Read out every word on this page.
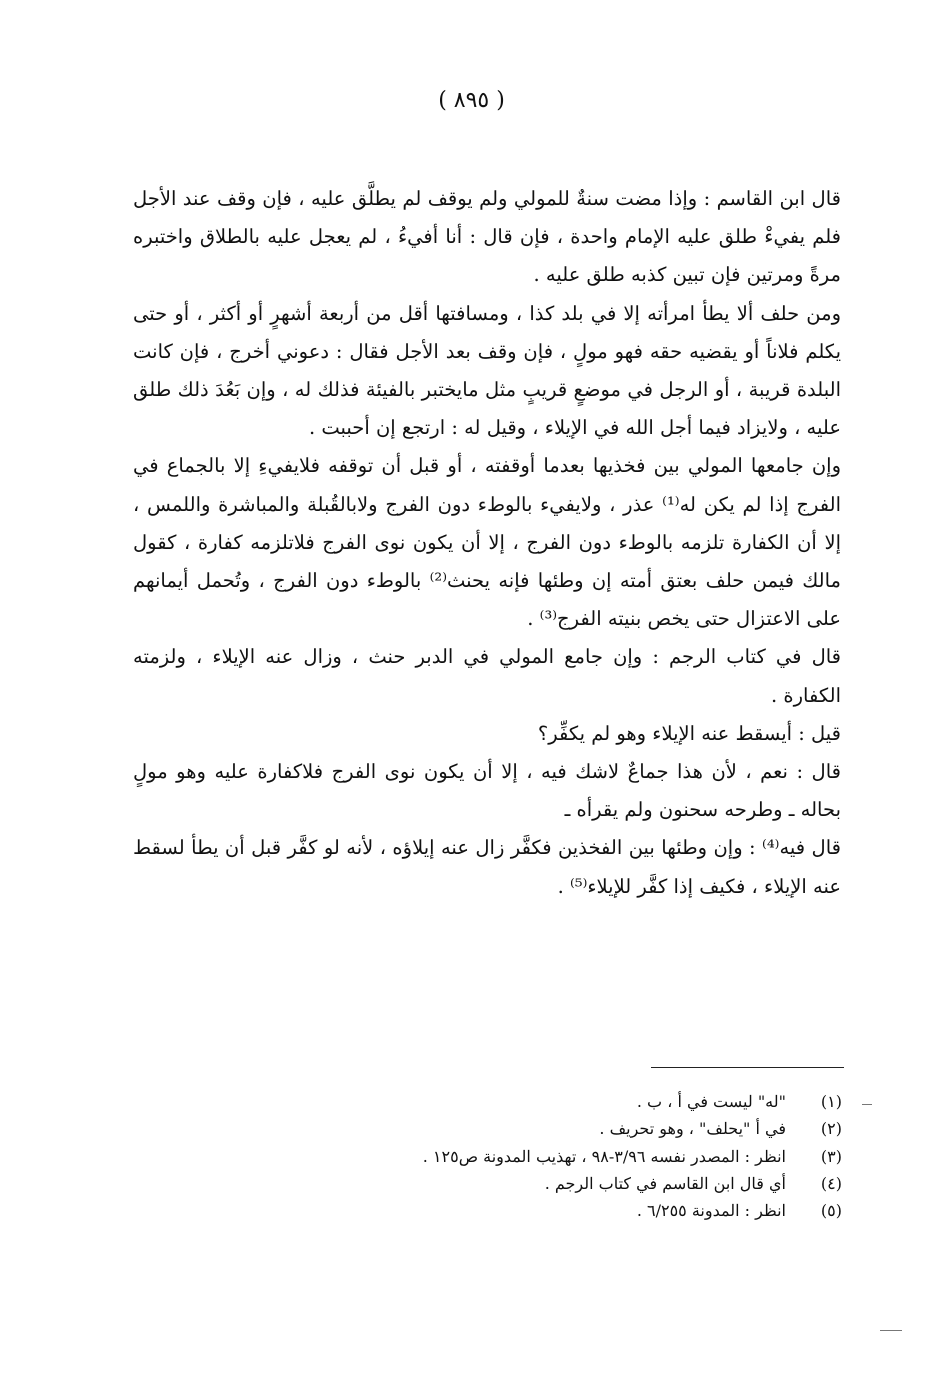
( ٨٩٥ )

قال ابن القاسم : وإذا مضت سنةٌ للمولي ولم يوقف لم يطلَّق عليه ، فإن وقف عند الأجل فلم يفيءْ طلق عليه الإمام واحدة ، فإن قال : أنا أفيءُ ، لم يعجل عليه بالطلاق واختبره مرةً ومرتين فإن تبين كذبه طلق عليه .

ومن حلف ألا يطأ امرأته إلا في بلد كذا ، ومسافتها أقل من أربعة أشهرٍ أو أكثر ، أو حتى يكلم فلاناً أو يقضيه حقه فهو مولٍ ، فإن وقف بعد الأجل فقال : دعوني أخرج ، فإن كانت البلدة قريبة ، أو الرجل في موضعٍ قريبٍ مثل مايختبر بالفيئة فذلك له ، وإن بَعُدَ ذلك طلق عليه ، ولايزاد فيما أجل الله في الإيلاء ، وقيل له : ارتجع إن أحببت .

وإن جامعها المولي بين فخذيها بعدما أوقفته ، أو قبل أن توقفه فلايفيءِ إلا بالجماع في الفرج إذا لم يكن له⁽¹⁾ عذر ، ولايفيء بالوطء دون الفرج ولابالقُبلة والمباشرة واللمس ، إلا أن الكفارة تلزمه بالوطء دون الفرج ، إلا أن يكون نوى الفرج فلاتلزمه كفارة ، كقول مالك فيمن حلف بعتق أمته إن وطئها فإنه يحنث⁽²⁾ بالوطء دون الفرج ، وتُحمل أيمانهم على الاعتزال حتى يخص بنيته الفرج⁽³⁾ .

قال في كتاب الرجم : وإن جامع المولي في الدبر حنث ، وزال عنه الإيلاء ، ولزمته الكفارة .

قيل : أيسقط عنه الإيلاء وهو لم يكفِّر؟

قال : نعم ، لأن هذا جماعٌ لاشك فيه ، إلا أن يكون نوى الفرج فلاكفارة عليه وهو مولٍ بحاله ـ وطرحه سحنون ولم يقرأه ـ

قال فيه⁽⁴⁾ : وإن وطئها بين الفخذين فكفَّر زال عنه إيلاؤه ، لأنه لو كفَّر قبل أن يطأ لسقط عنه الإيلاء ، فكيف إذا كفَّر للإيلاء⁽⁵⁾ .

(١)
"له" ليست في أ ، ب .
(٢)
في أ "يحلف" ، وهو تحريف .
(٣)
انظر : المصدر نفسه ٣/٩٦-٩٨ ، تهذيب المدونة ص١٢٥ .
(٤)
أي قال ابن القاسم في كتاب الرجم .
(٥)
انظر : المدونة ٦/٢٥٥ .
